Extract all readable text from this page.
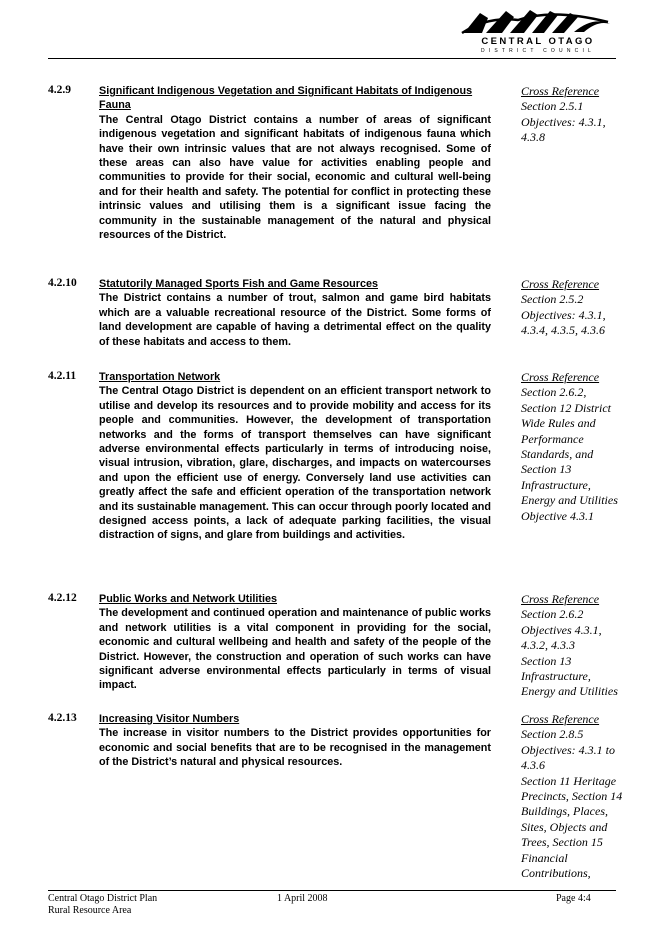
CENTRAL OTAGO
DISTRICT COUNCIL
4.2.9	Significant Indigenous Vegetation and Significant Habitats of Indigenous Fauna
The Central Otago District contains a number of areas of significant indigenous vegetation and significant habitats of indigenous fauna which have their own intrinsic values that are not always recognised. Some of these areas can also have value for activities enabling people and communities to provide for their social, economic and cultural well-being and for their health and safety. The potential for conflict in protecting these intrinsic values and utilising them is a significant issue facing the community in the sustainable management of the natural and physical resources of the District.
Cross Reference
Section 2.5.1
Objectives: 4.3.1,
4.3.8
4.2.10 Statutorily Managed Sports Fish and Game Resources
The District contains a number of trout, salmon and game bird habitats which are a valuable recreational resource of the District. Some forms of land development are capable of having a detrimental effect on the quality of these habitats and access to them.
Cross Reference
Section 2.5.2
Objectives: 4.3.1,
4.3.4, 4.3.5, 4.3.6
4.2.11 Transportation Network
The Central Otago District is dependent on an efficient transport network to utilise and develop its resources and to provide mobility and access for its people and communities. However, the development of transportation networks and the forms of transport themselves can have significant adverse environmental effects particularly in terms of introducing noise, visual intrusion, vibration, glare, discharges, and impacts on watercourses and upon the efficient use of energy. Conversely land use activities can greatly affect the safe and efficient operation of the transportation network and its sustainable management. This can occur through poorly located and designed access points, a lack of adequate parking facilities, the visual distraction of signs, and glare from buildings and activities.
Cross Reference
Section 2.6.2,
Section 12 District
Wide Rules and
Performance
Standards, and
Section 13
Infrastructure,
Energy and Utilities
Objective 4.3.1
4.2.12 Public Works and Network Utilities
The development and continued operation and maintenance of public works and network utilities is a vital component in providing for the social, economic and cultural wellbeing and health and safety of the people of the District. However, the construction and operation of such works can have significant adverse environmental effects particularly in terms of visual impact.
Cross Reference
Section 2.6.2
Objectives 4.3.1,
4.3.2, 4.3.3
Section 13
Infrastructure,
Energy and Utilities
4.2.13 Increasing Visitor Numbers
The increase in visitor numbers to the District provides opportunities for economic and social benefits that are to be recognised in the management of the District’s natural and physical resources.
Cross Reference
Section 2.8.5
Objectives: 4.3.1 to
4.3.6
Section 11 Heritage
Precincts, Section 14
Buildings, Places,
Sites, Objects and
Trees, Section 15
Financial
Contributions,
Central Otago District Plan
Rural Resource Area
1 April 2008	Page 4:4
